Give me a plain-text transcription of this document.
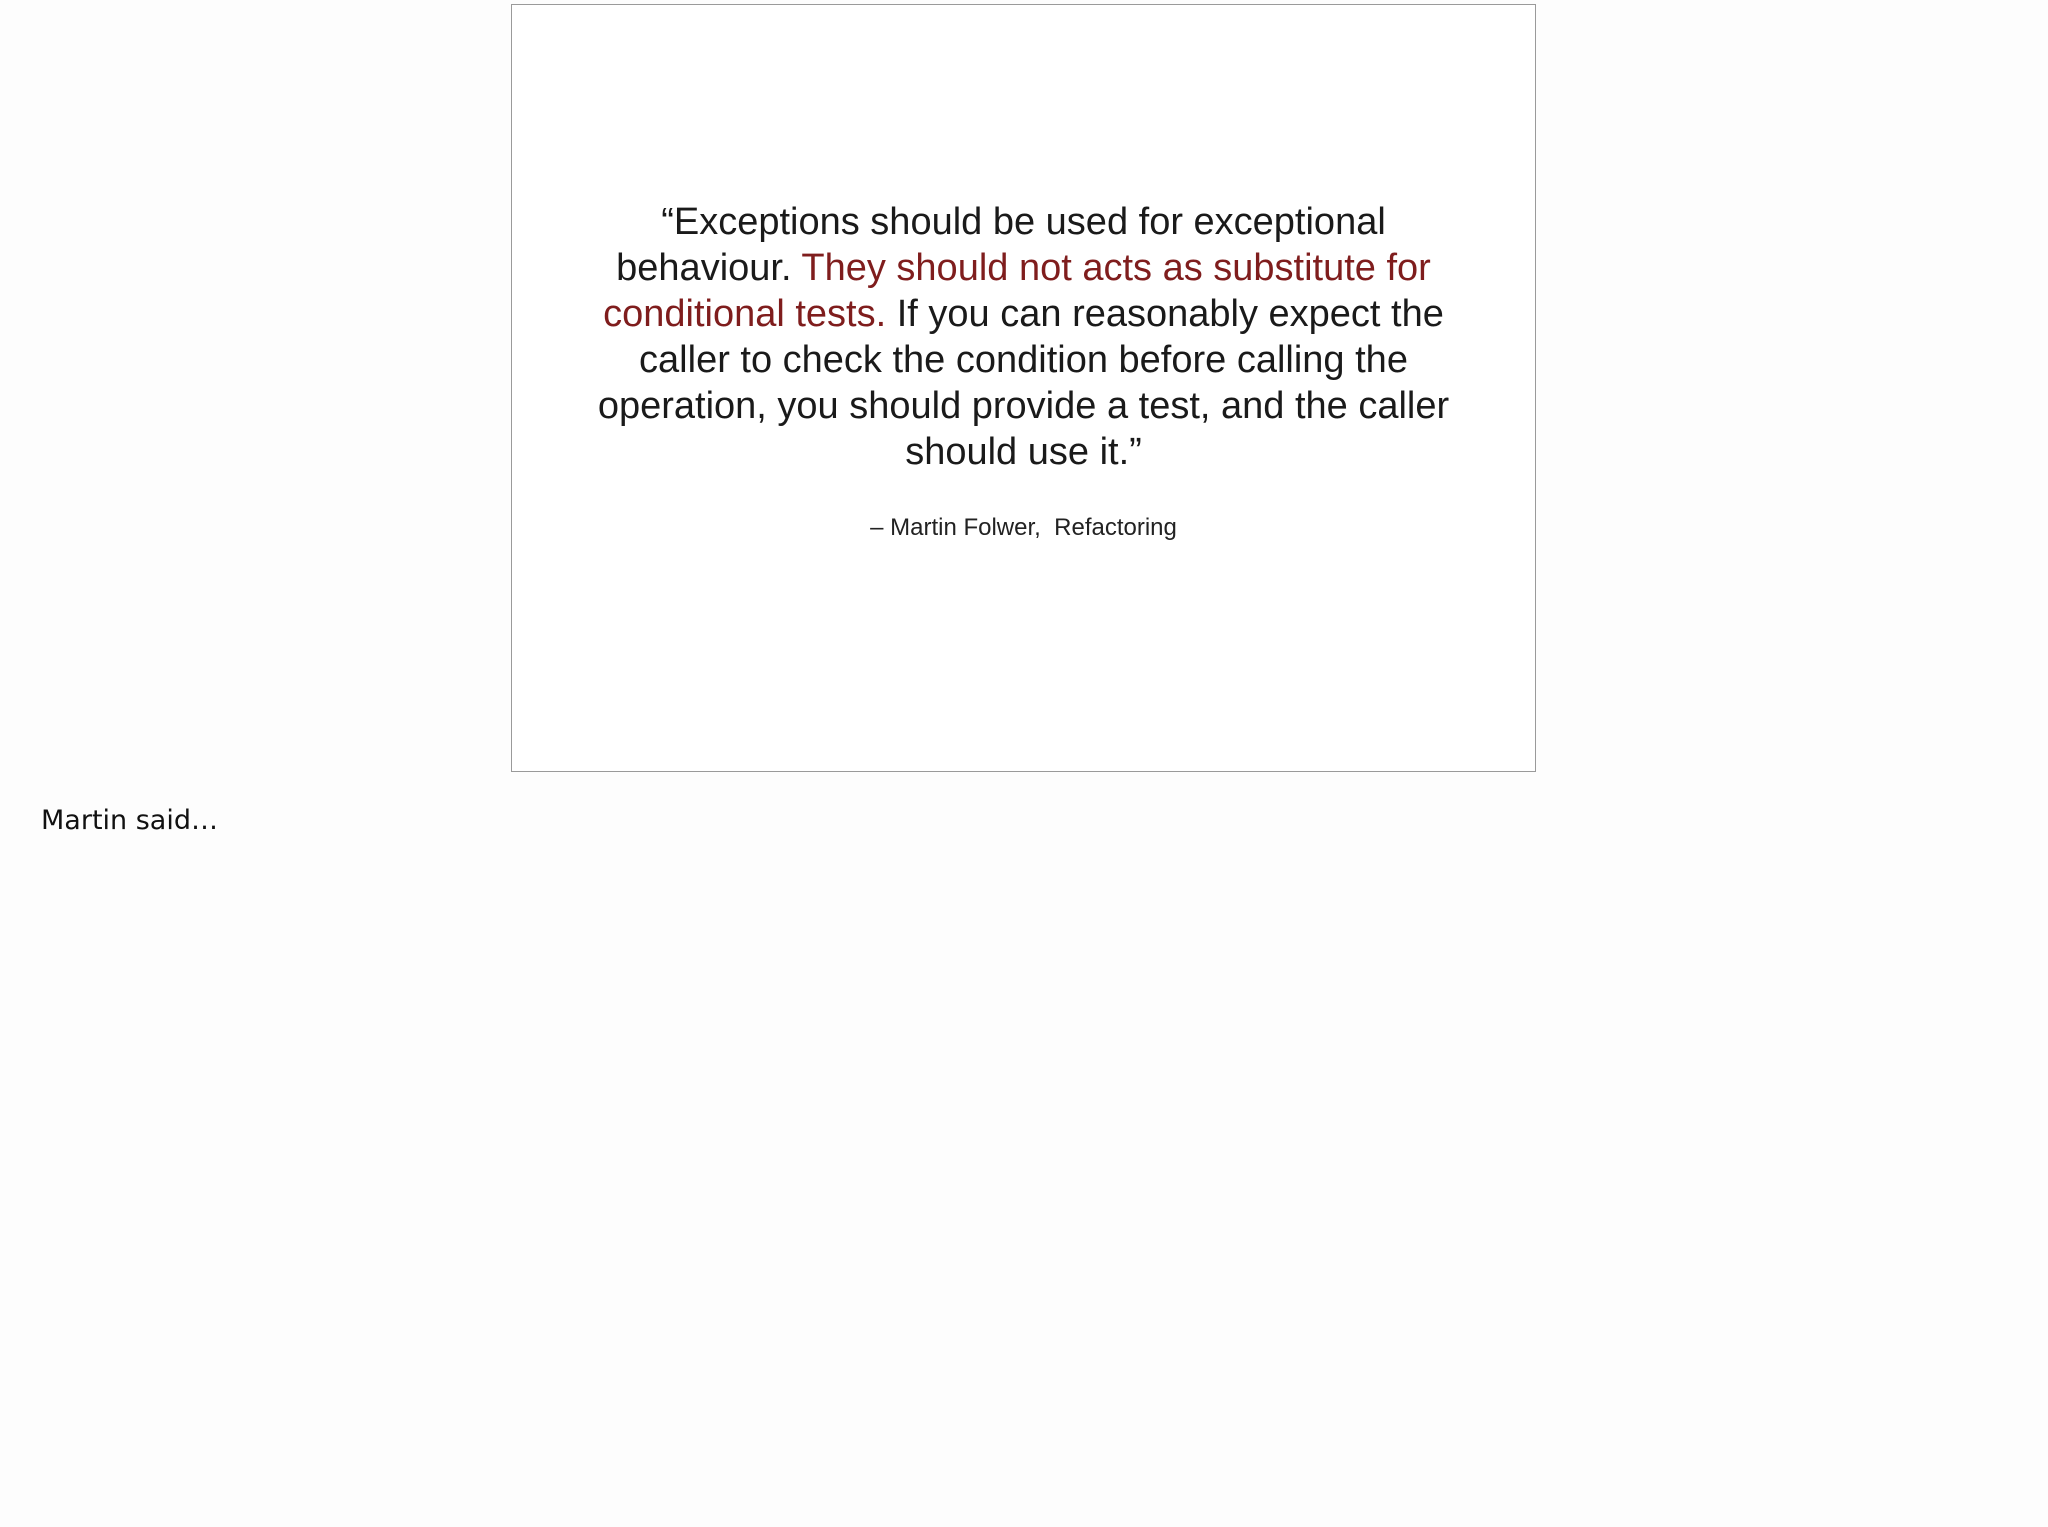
“Exceptions should be used for exceptional behaviour. They should not acts as substitute for conditional tests. If you can reasonably expect the caller to check the condition before calling the operation, you should provide a test, and the caller should use it.”
– Martin Folwer,  Refactoring
Martin said…
